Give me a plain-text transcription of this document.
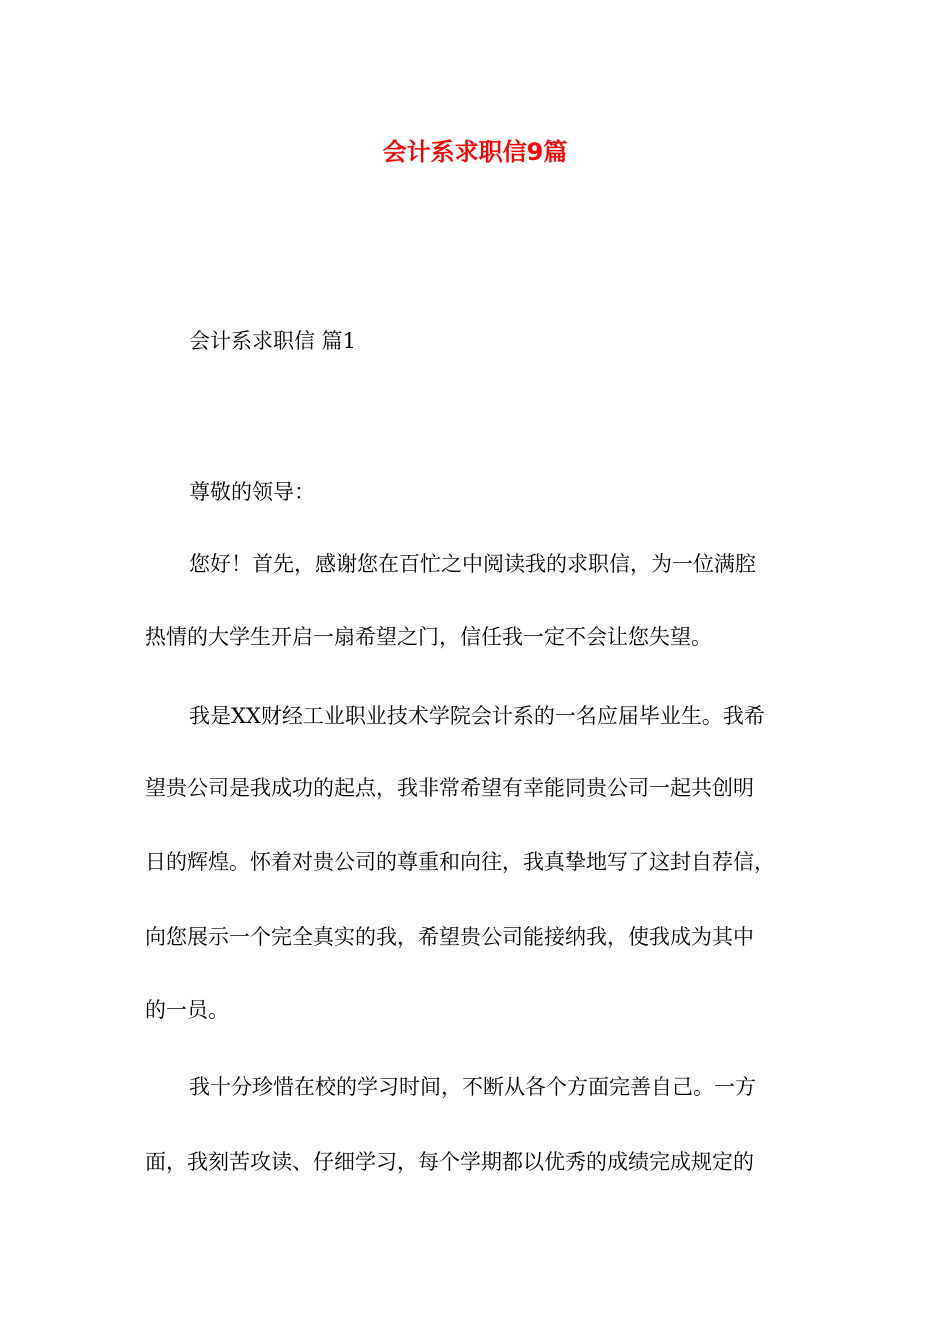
会计系求职信9篇
会计系求职信 篇1
尊敬的领导：
您好！首先，感谢您在百忙之中阅读我的求职信，为一位满腔
热情的大学生开启一扇希望之门，信任我一定不会让您失望。
我是XX财经工业职业技术学院会计系的一名应届毕业生。我希
望贵公司是我成功的起点，我非常希望有幸能同贵公司一起共创明
日的辉煌。怀着对贵公司的尊重和向往，我真挚地写了这封自荐信，
向您展示一个完全真实的我，希望贵公司能接纳我，使我成为其中
的一员。
我十分珍惜在校的学习时间，不断从各个方面完善自己。一方
面，我刻苦攻读、仔细学习，每个学期都以优秀的成绩完成规定的
